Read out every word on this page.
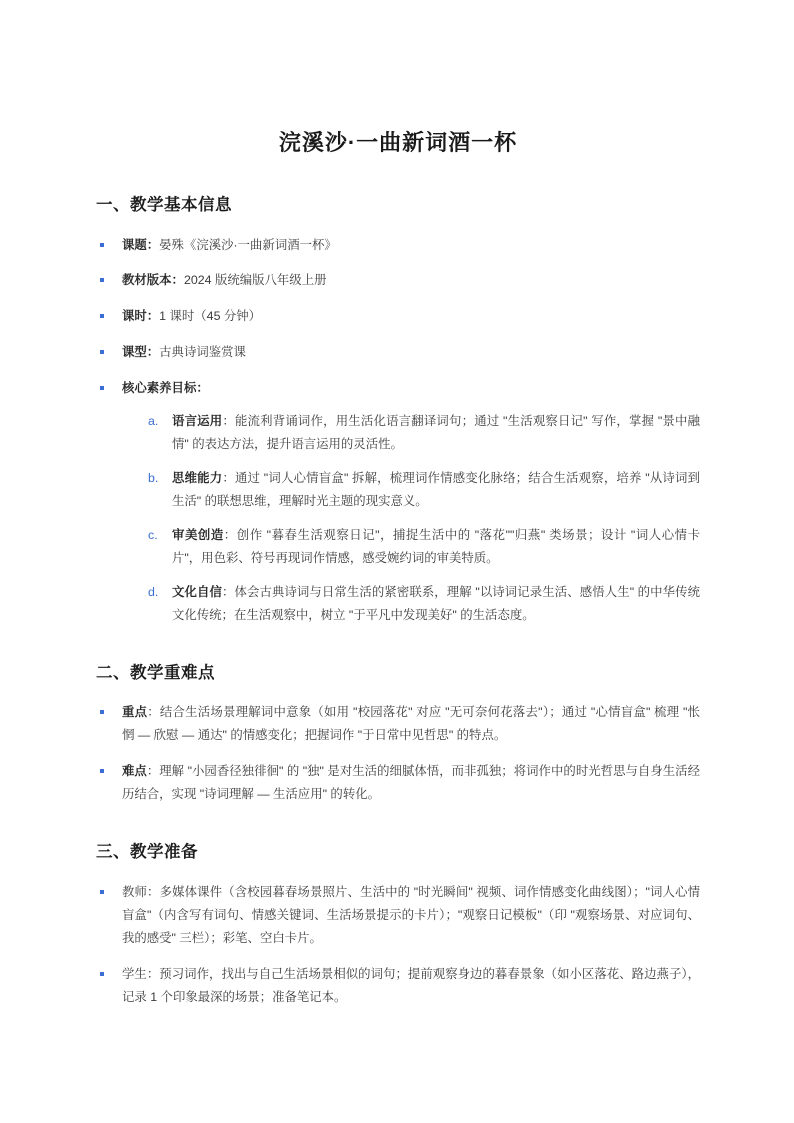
浣溪沙·一曲新词酒一杯
一、教学基本信息
课题：晏殊《浣溪沙·一曲新词酒一杯》
教材版本：2024 版统编版八年级上册
课时：1 课时（45 分钟）
课型：古典诗词鉴赏课
核心素养目标：
a. 语言运用：能流利背诵词作，用生活化语言翻译词句；通过 "生活观察日记" 写作，掌握 "景中融情" 的表达方法，提升语言运用的灵活性。
b. 思维能力：通过 "词人心情盲盒" 拆解，梳理词作情感变化脉络；结合生活观察，培养 "从诗词到生活" 的联想思维，理解时光主题的现实意义。
c. 审美创造：创作 "暮春生活观察日记"，捕捉生活中的 "落花""归燕" 类场景；设计 "词人心情卡片"，用色彩、符号再现词作情感，感受婉约词的审美特质。
d. 文化自信：体会古典诗词与日常生活的紧密联系，理解 "以诗词记录生活、感悟人生" 的中华传统文化传统；在生活观察中，树立 "于平凡中发现美好" 的生活态度。
二、教学重难点
重点：结合生活场景理解词中意象（如用 "校园落花" 对应 "无可奈何花落去"）；通过 "心情盲盒" 梳理 "怅惘 — 欣慰 — 通达" 的情感变化；把握词作 "于日常中见哲思" 的特点。
难点：理解 "小园香径独徘徊" 的 "独" 是对生活的细腻体悟，而非孤独；将词作中的时光哲思与自身生活经历结合，实现 "诗词理解 — 生活应用" 的转化。
三、教学准备
教师：多媒体课件（含校园暮春场景照片、生活中的 "时光瞬间" 视频、词作情感变化曲线图）；"词人心情盲盒"（内含写有词句、情感关键词、生活场景提示的卡片）；"观察日记模板"（印 "观察场景、对应词句、我的感受" 三栏）；彩笔、空白卡片。
学生：预习词作，找出与自己生活场景相似的词句；提前观察身边的暮春景象（如小区落花、路边燕子），记录 1 个印象最深的场景；准备笔记本。
